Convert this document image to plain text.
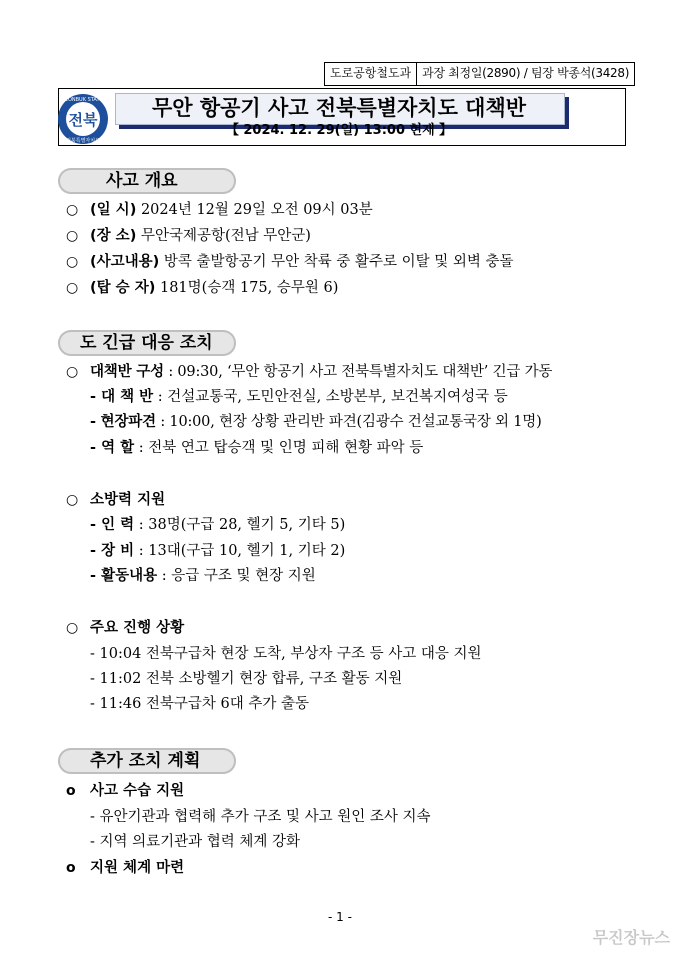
도로공항철도과 과장 최정일(2890) / 팀장 박종석(3428)
전북
JEONBUK STATE
전북특별자치도
무안 항공기 사고 전북특별자치도 대책반
【 2024. 12. 29(일) 13:00 현재 】
사고 개요
○ (일 시) 2024년 12월 29일 오전 09시 03분
○ (장 소) 무안국제공항(전남 무안군)
○ (사고내용) 방콕 출발항공기 무안 착륙 중 활주로 이탈 및 외벽 충돌
○ (탑 승 자) 181명(승객 175, 승무원 6)
도 긴급 대응 조치
○ 대책반 구성 : 09:30, ‘무안 항공기 사고 전북특별자치도 대책반’ 긴급 가동
- 대 책 반 : 건설교통국, 도민안전실, 소방본부, 보건복지여성국 등
- 현장파견 : 10:00, 현장 상황 관리반 파견(김광수 건설교통국장 외 1명)
- 역 할 : 전북 연고 탑승객 및 인명 피해 현황 파악 등
○ 소방력 지원
- 인 력 : 38명(구급 28, 헬기 5, 기타 5)
- 장 비 : 13대(구급 10, 헬기 1, 기타 2)
- 활동내용 : 응급 구조 및 현장 지원
○ 주요 진행 상황
- 10:04 전북구급차 현장 도착, 부상자 구조 등 사고 대응 지원
- 11:02 전북 소방헬기 현장 합류, 구조 활동 지원
- 11:46 전북구급차 6대 추가 출동
추가 조치 계획
o 사고 수습 지원
- 유안기관과 협력해 추가 구조 및 사고 원인 조사 지속
- 지역 의료기관과 협력 체계 강화
o 지원 체계 마련
- 1 -
무진장뉴스
